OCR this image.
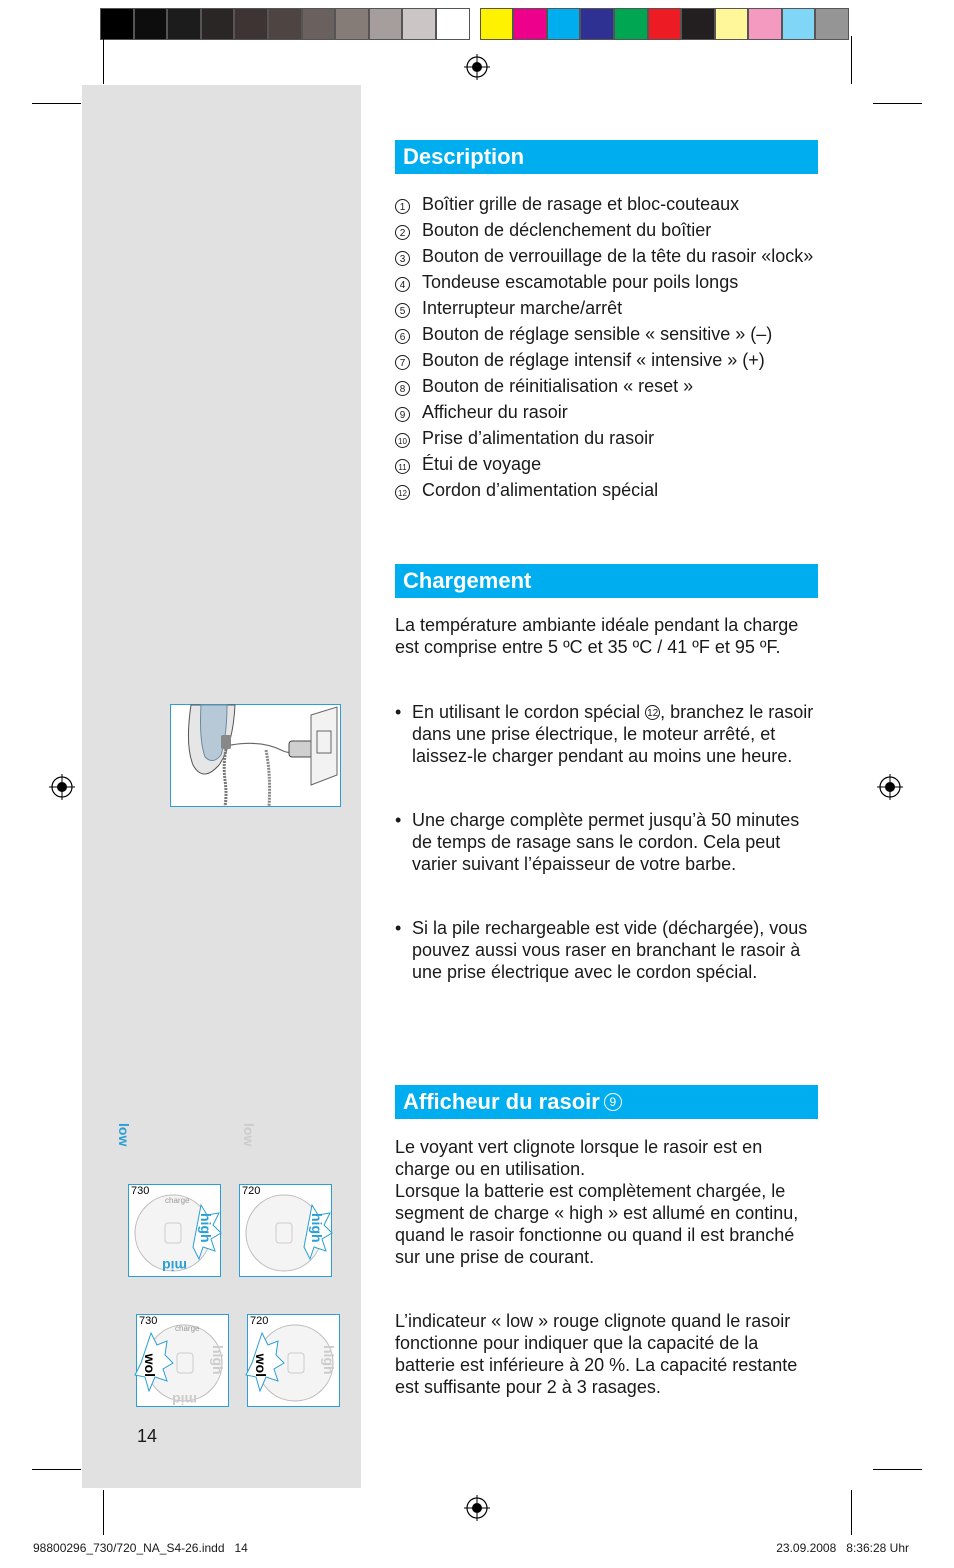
Description
1 Boîtier grille de rasage et bloc-couteaux
2 Bouton de déclenchement du boîtier
3 Bouton de verrouillage de la tête du rasoir «lock»
4 Tondeuse escamotable pour poils longs
5 Interrupteur marche/arrêt
6 Bouton de réglage sensible « sensitive » (–)
7 Bouton de réglage intensif « intensive » (+)
8 Bouton de réinitialisation « reset »
9 Afficheur du rasoir
10 Prise d’alimentation du rasoir
11 Étui de voyage
12 Cordon d’alimentation spécial
Chargement
La température ambiante idéale pendant la charge est comprise entre 5 ºC et 35 ºC / 41 ºF et 95 ºF.
• En utilisant le cordon spécial 12 , branchez le rasoir dans une prise électrique, le moteur arrêté, et laissez-le charger pendant au moins une heure.
• Une charge complète permet jusqu’à 50 minutes de temps de rasage sans le cordon. Cela peut varier suivant l’épaisseur de votre barbe.
• Si la pile rechargeable est vide (déchargée), vous pouvez aussi vous raser en branchant le rasoir à une prise électrique avec le cordon spécial.
Afficheur du rasoir 9
Le voyant vert clignote lorsque le rasoir est en charge ou en utilisation.
Lorsque la batterie est complètement chargée, le segment de charge « high » est allumé en continu, quand le rasoir fonctionne ou quand il est branché sur une prise de courant.
L’indicateur « low » rouge clignote quand le rasoir fonctionne pour indiquer que la capacité de la batterie est inférieure à 20 %. La capacité restante est suffisante pour 2 à 3 rasages.
730
charge
low
mid
high
720
low
high
730
charge
low
mid
high
720
low	high
14
98800296_730/720_NA_S4-26.indd   14	23.09.2008   8:36:28 Uhr
